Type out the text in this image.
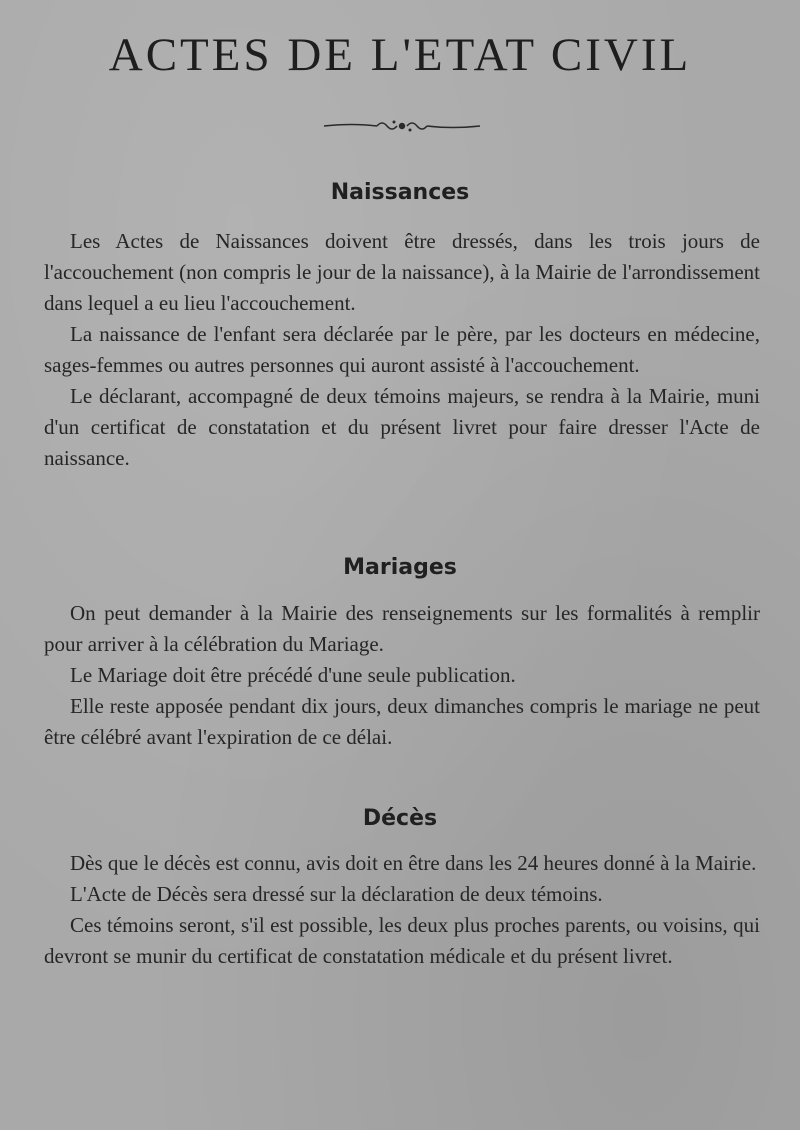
ACTES DE L'ETAT CIVIL
Naissances

Les Actes de Naissances doivent être dressés, dans les trois jours de l'accouchement (non compris le jour de la naissance), à la Mairie de l'arrondissement dans lequel a eu lieu l'accouchement.

La naissance de l'enfant sera déclarée par le père, par les docteurs en médecine, sages-femmes ou autres personnes qui auront assisté à l'accouchement.

Le déclarant, accompagné de deux témoins majeurs, se rendra à la Mairie, muni d'un certificat de constatation et du présent livret pour faire dresser l'Acte de naissance.

Mariages

On peut demander à la Mairie des renseignements sur les formalités à remplir pour arriver à la célébration du Mariage.

Le Mariage doit être précédé d'une seule publication.

Elle reste apposée pendant dix jours, deux dimanches compris le mariage ne peut être célébré avant l'expiration de ce délai.

Décès

Dès que le décès est connu, avis doit en être dans les 24 heures donné à la Mairie.

L'Acte de Décès sera dressé sur la déclaration de deux témoins.

Ces témoins seront, s'il est possible, les deux plus proches parents, ou voisins, qui devront se munir du certificat de constatation médicale et du présent livret.
